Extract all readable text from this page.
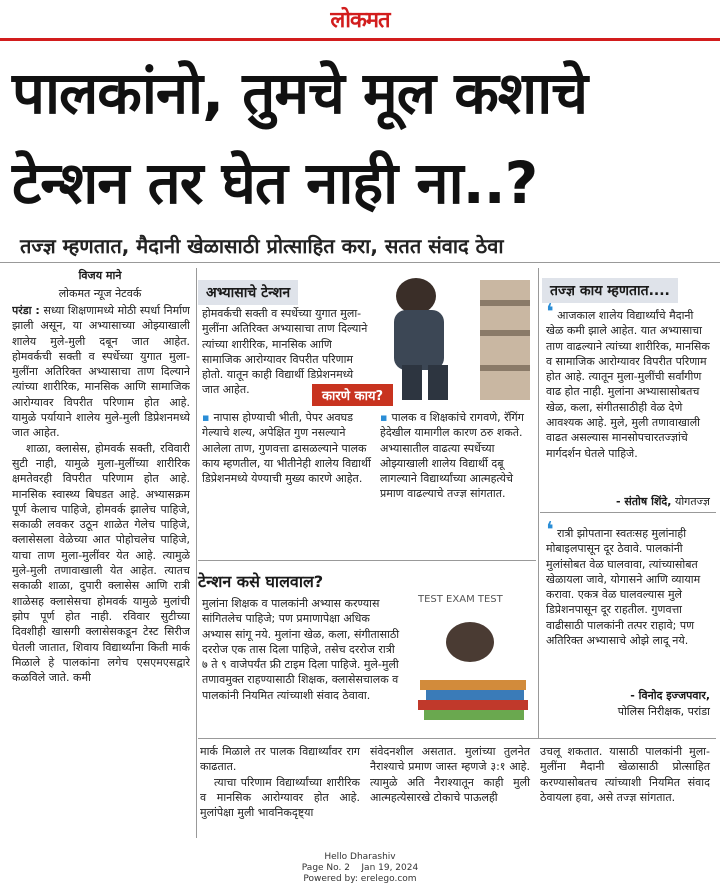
लोकमत
पालकांनो, तुमचे मूल कशाचे
टेन्शन तर घेत नाही ना..?
तज्ज्ञ म्हणतात, मैदानी खेळासाठी प्रोत्साहित करा, सतत संवाद ठेवा
विजय माने
लोकमत न्यूज नेटवर्क

परंडा : सध्या शिक्षणामध्ये मोठी स्पर्धा निर्माण झाली असून, या अभ्यासाच्या ओझ्याखाली शालेय मुले-मुली दबून जात आहेत. होमवर्कची सक्ती व स्पर्धेच्या युगात मुला-मुलींना अतिरिक्त अभ्यासाचा ताण दिल्याने त्यांच्या शारीरिक, मानसिक आणि सामाजिक आरोग्यावर विपरीत परिणाम होत आहे. यामुळे पर्यायाने शालेय मुले-मुली डिप्रेशनमध्ये जात आहेत.

शाळा, क्लासेस, होमवर्क सक्ती, रविवारी सुटी नाही, यामुळे मुला-मुलींच्या शारीरिक क्षमतेवरही विपरीत परिणाम होत आहे. मानसिक स्वास्थ्य बिघडत आहे. अभ्यासक्रम पूर्ण केलाच पाहिजे, होमवर्क झालेच पाहिजे, सकाळी लवकर उठून शाळेत गेलेच पाहिजे, क्लासेसला वेळेच्या आत पोहोचलेच पाहिजे, याचा ताण मुला-मुलींवर येत आहे. त्यामुळे मुले-मुली तणावाखाली येत आहेत. त्यातच सकाळी शाळा, दुपारी क्लासेस आणि रात्री शाळेसह क्लासेसचा होमवर्क यामुळे मुलांची झोप पूर्ण होत नाही. रविवार सुटीच्या दिवशीही खासगी क्लासेसकडून टेस्ट सिरीज घेतली जातात, शिवाय विद्यार्थ्यांना किती मार्क मिळाले हे पालकांना लगेच एसएमएसद्वारे कळविले जाते. कमी

अभ्यासाचे टेन्शन
होमवर्कची सक्ती व स्पर्धेच्या युगात मुला-मुलींना अतिरिक्त अभ्यासाचा ताण दिल्याने त्यांच्या शारीरिक, मानसिक आणि सामाजिक आरोग्यावर विपरीत परिणाम होतो. यातून काही विद्यार्थी डिप्रेशनमध्ये जात आहेत.	कारणे काय?
▪ नापास होण्याची भीती, पेपर अवघड गेल्याचे शल्य, अपेक्षित गुण नसल्याने आलेला ताण, गुणवत्ता ढासळल्याने पालक काय म्हणतील, या भीतीनेही शालेय विद्यार्थी डिप्रेशनमध्ये येण्याची मुख्य कारणे आहेत.
▪ पालक व शिक्षकांचे रागवणे, रॅगिंग हेदेखील यामागील कारण ठरु शकते. अभ्यासातील वाढत्या स्पर्धेच्या ओझ्याखाली शालेय विद्यार्थी दबू लागल्याने विद्यार्थ्यांच्या आत्महत्येचे प्रमाण वाढल्याचे तज्ज्ञ सांगतात.
टेन्शन कसे घालवाल?
मुलांना शिक्षक व पालकांनी अभ्यास करण्यास सांगितलेच पाहिजे; पण प्रमाणापेक्षा अधिक अभ्यास सांगू नये. मुलांना खेळ, कला, संगीतासाठी दररोज एक तास दिला पाहिजे, तसेच दररोज रात्री ७ ते ९ वाजेपर्यंत फ्री टाइम दिला पाहिजे. मुले-मुली तणावमुक्त राहण्यासाठी शिक्षक, क्लासेसचालक व पालकांनी नियमित त्यांच्याशी संवाद ठेवावा.
TEST EXAM TEST
तज्ज्ञ काय म्हणतात....
❛ आजकाल शालेय विद्यार्थ्यांचे मैदानी खेळ कमी झाले आहेत. यात अभ्यासाचा ताण वाढल्याने त्यांच्या शारीरिक, मानसिक व सामाजिक आरोग्यावर विपरीत परिणाम होत आहे. त्यातून मुला-मुलींची सर्वांगीण वाढ होत नाही. मुलांना अभ्यासासोबतच खेळ, कला, संगीतसाठीही वेळ देणे आवश्यक आहे. मुले, मुली तणावाखाली वाढत असल्यास मानसोपचारतज्ज्ञांचे मार्गदर्शन घेतले पाहिजे.
- संतोष शिंदे, योगतज्ज्ञ
❛ रात्री झोपताना स्वतःसह मुलांनाही मोबाइलपासून दूर ठेवावे. पालकांनी मुलांसोबत वेळ घालवावा, त्यांच्यासोबत खेळायला जावे, योगासने आणि व्यायाम करावा. एकत्र वेळ घालवल्यास मुले डिप्रेशनपासून दूर राहतील. गुणवत्ता वाढीसाठी पालकांनी तत्पर राहावे; पण अतिरिक्त अभ्यासाचे ओझे लादू नये.
- विनोद इज्जपवार,
पोलिस निरीक्षक, परांडा

मार्क मिळाले तर पालक विद्यार्थ्यांवर राग काढतात.

त्याचा परिणाम विद्यार्थ्यांच्या शारीरिक व मानसिक आरोग्यावर होत आहे. मुलांपेक्षा मुली भावनिकदृष्ट्या

संवेदनशील असतात. मुलांच्या तुलनेत नैराश्याचे प्रमाण जास्त म्हणजे ३:१ आहे. त्यामुळे अति नैराश्यातून काही मुली आत्महत्येसारखे टोकाचे पाऊलही
उचलू शकतात. यासाठी पालकांनी मुला-मुलींना मैदानी खेळासाठी प्रोत्साहित करण्यासोबतच त्यांच्याशी नियमित संवाद ठेवायला हवा, असे तज्ज्ञ सांगतात.
Hello Dharashiv
Page No. 2    Jan 19, 2024
Powered by: erelego.com
